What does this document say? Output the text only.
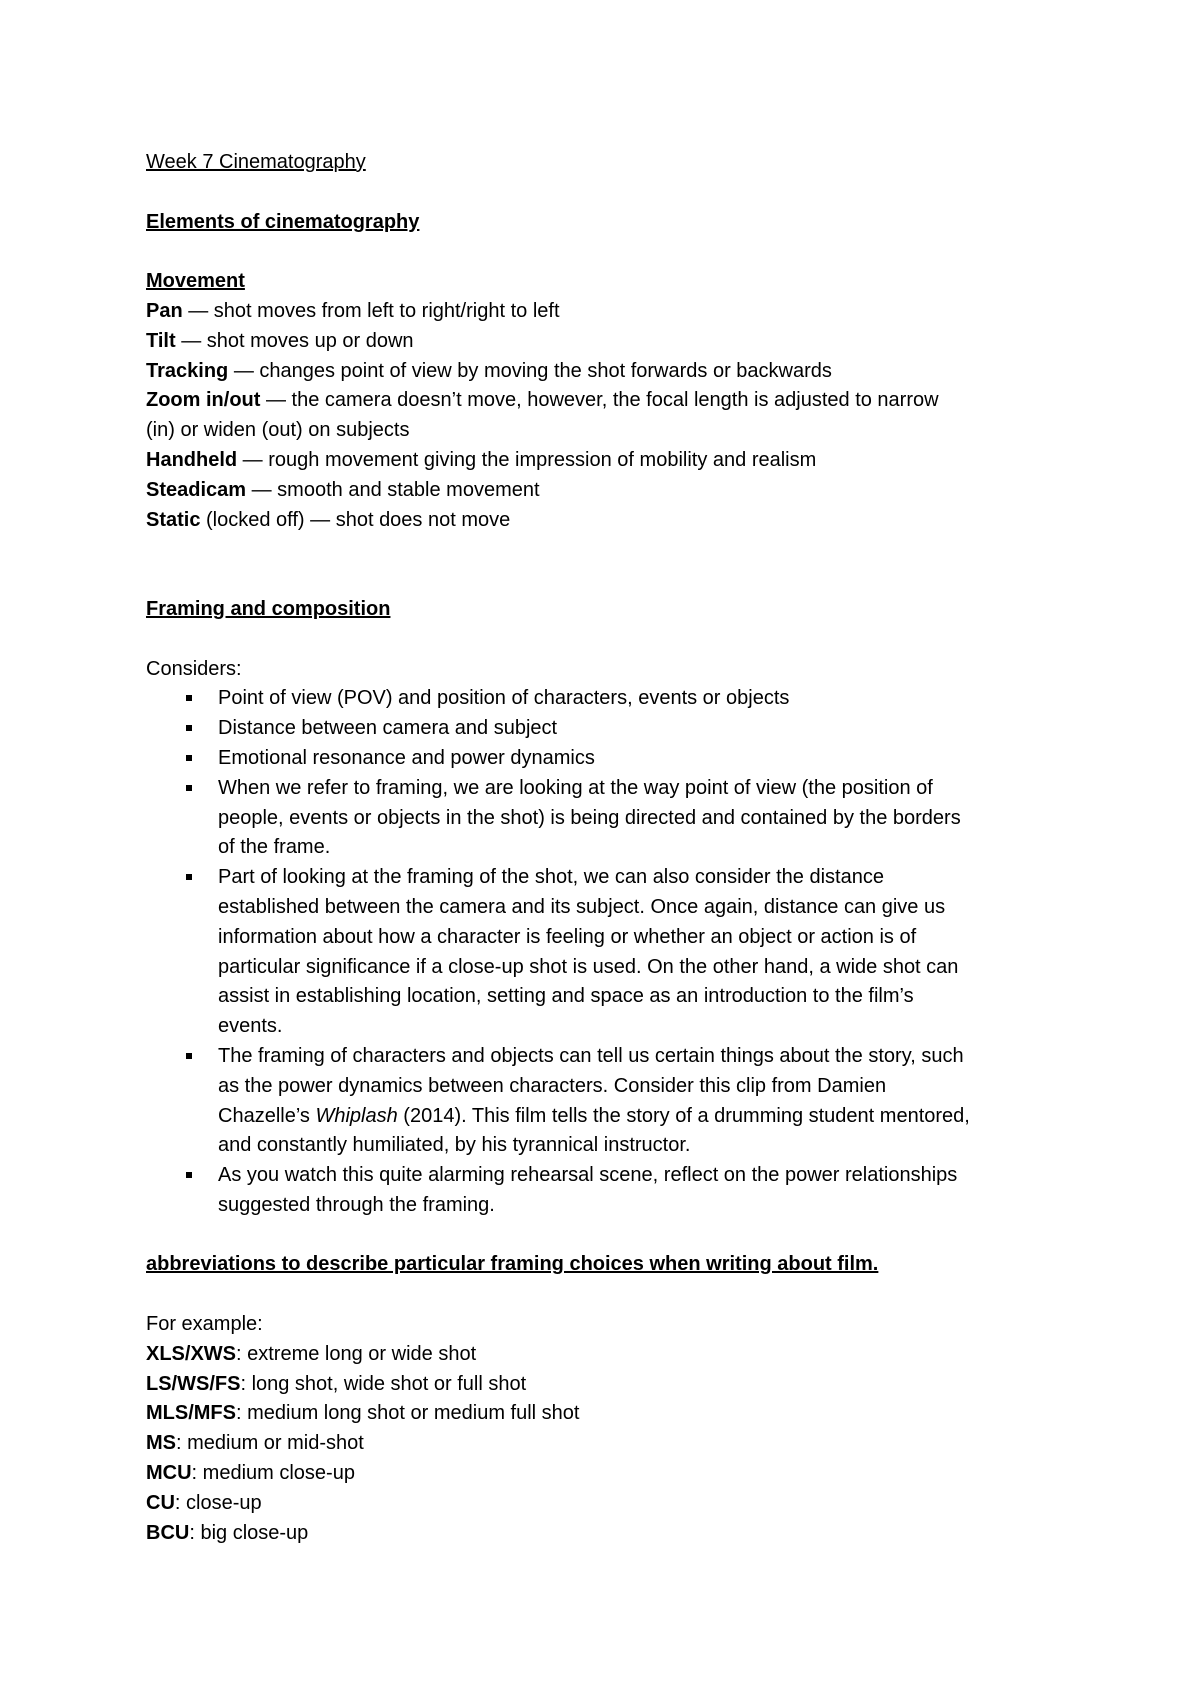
Week 7 Cinematography
Elements of cinematography
Movement
Pan — shot moves from left to right/right to left
Tilt — shot moves up or down
Tracking — changes point of view by moving the shot forwards or backwards
Zoom in/out — the camera doesn’t move, however, the focal length is adjusted to narrow
(in) or widen (out) on subjects
Handheld — rough movement giving the impression of mobility and realism
Steadicam — smooth and stable movement
Static (locked off) — shot does not move
Framing and composition
Considers:
Point of view (POV) and position of characters, events or objects
Distance between camera and subject
Emotional resonance and power dynamics
When we refer to framing, we are looking at the way point of view (the position of
people, events or objects in the shot) is being directed and contained by the borders
of the frame.
Part of looking at the framing of the shot, we can also consider the distance
established between the camera and its subject. Once again, distance can give us
information about how a character is feeling or whether an object or action is of
particular significance if a close-up shot is used. On the other hand, a wide shot can
assist in establishing location, setting and space as an introduction to the film’s
events.
The framing of characters and objects can tell us certain things about the story, such
as the power dynamics between characters. Consider this clip from Damien
Chazelle’s Whiplash (2014). This film tells the story of a drumming student mentored,
and constantly humiliated, by his tyrannical instructor.
As you watch this quite alarming rehearsal scene, reflect on the power relationships
suggested through the framing.
abbreviations to describe particular framing choices when writing about film.
For example:
XLS/XWS: extreme long or wide shot
LS/WS/FS: long shot, wide shot or full shot
MLS/MFS: medium long shot or medium full shot
MS: medium or mid-shot
MCU: medium close-up
CU: close-up
BCU: big close-up
